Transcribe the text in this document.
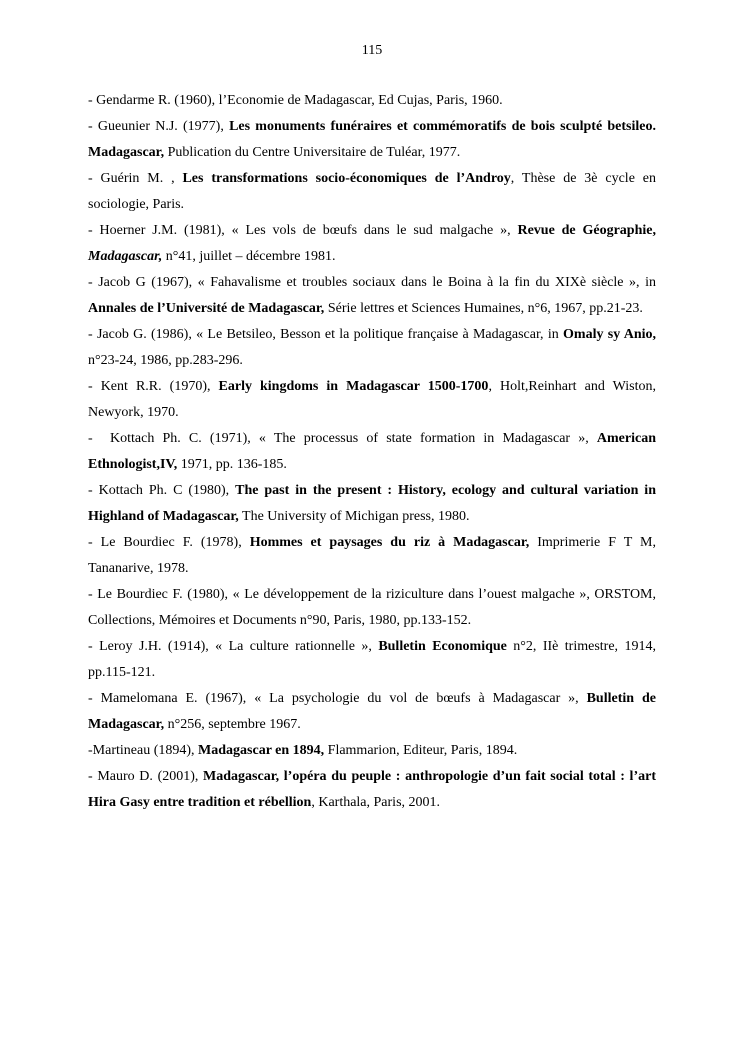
115
- Gendarme R. (1960), l’Economie de Madagascar, Ed Cujas, Paris, 1960.
- Gueunier N.J. (1977), Les monuments funéraires et commémoratifs de bois sculpté betsileo. Madagascar, Publication du Centre Universitaire de Tuléar, 1977.
- Guérin M. , Les transformations socio-économiques de l’Androy, Thèse de 3è cycle en sociologie, Paris.
- Hoerner J.M. (1981), « Les vols de bœufs dans le sud malgache », Revue de Géographie, Madagascar, n°41, juillet – décembre 1981.
- Jacob G (1967), « Fahavalisme et troubles sociaux dans le Boina à la fin du XIXè siècle », in Annales de l’Université de Madagascar, Série lettres et Sciences Humaines, n°6, 1967, pp.21-23.
- Jacob G. (1986), « Le Betsileo, Besson et la politique française à Madagascar, in Omaly sy Anio, n°23-24, 1986, pp.283-296.
- Kent R.R. (1970), Early kingdoms in Madagascar 1500-1700, Holt,Reinhart and Wiston, Newyork, 1970.
- Kottach Ph. C. (1971), « The processus of state formation in Madagascar », American Ethnologist,IV, 1971, pp. 136-185.
- Kottach Ph. C (1980), The past in the present : History, ecology and cultural variation in Highland of Madagascar, The University of Michigan press, 1980.
- Le Bourdiec F. (1978), Hommes et paysages du riz à Madagascar, Imprimerie F T M, Tananarive, 1978.
- Le Bourdiec F. (1980), « Le développement de la riziculture dans l’ouest malgache », ORSTOM, Collections, Mémoires et Documents n°90, Paris, 1980, pp.133-152.
- Leroy J.H. (1914), « La culture rationnelle », Bulletin Economique n°2, IIè trimestre, 1914, pp.115-121.
- Mamelomana E. (1967), « La psychologie du vol de bœufs à Madagascar », Bulletin de Madagascar, n°256, septembre 1967.
-Martineau (1894), Madagascar en 1894, Flammarion, Editeur, Paris, 1894.
- Mauro D. (2001), Madagascar, l’opéra du peuple : anthropologie d’un fait social total : l’art Hira Gasy entre tradition et rébellion, Karthala, Paris, 2001.
